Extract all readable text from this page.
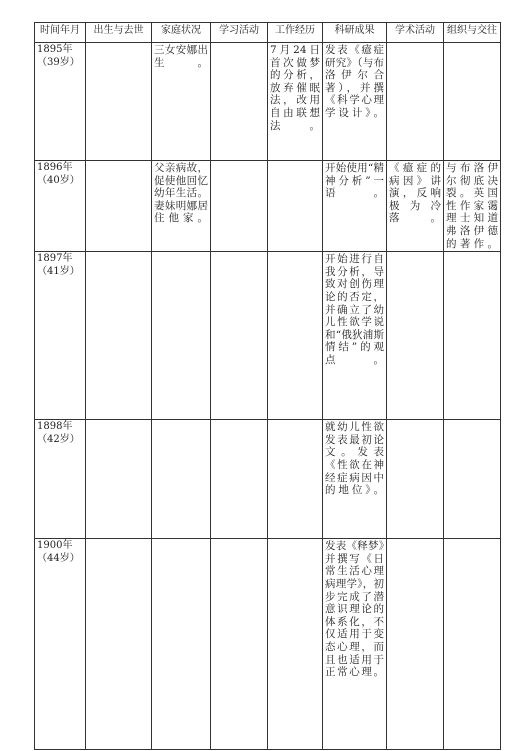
时间年月	出生与去世	家庭状况	学习活动	工作经历	科研成果	学术活动	组织与交往
1895年
（39岁）		三女安娜出生。		7月24日首次做梦的分析，放弃催眠法，改用自由联想法。	发表《癔症研究》（与布洛伊尔合著），并撰《科学心理学设计》。		
1896年
（40岁）		父亲病故，促使他回忆幼年生活。妻妹明娜居住他家。			开始使用“精神分析”一语。	《癔症的病因》讲演，反响极为冷落。	与布洛伊尔彻底决裂。英国性作家霭理士知道弗洛伊德的著作。
1897年
（41岁）					开始进行自我分析，导致对创伤理论的否定，并确立了幼儿性欲学说和“俄狄浦斯情结”的观点。		
1898年
（42岁）					就幼儿性欲发表最初论文。发表《性欲在神经症病因中的地位》。		
1900年
（44岁）					发表《释梦》并撰写《日常生活心理病理学》，初步完成了潜意识理论的体系化，不仅适用于变态心理，而且也适用于正常心理。		
